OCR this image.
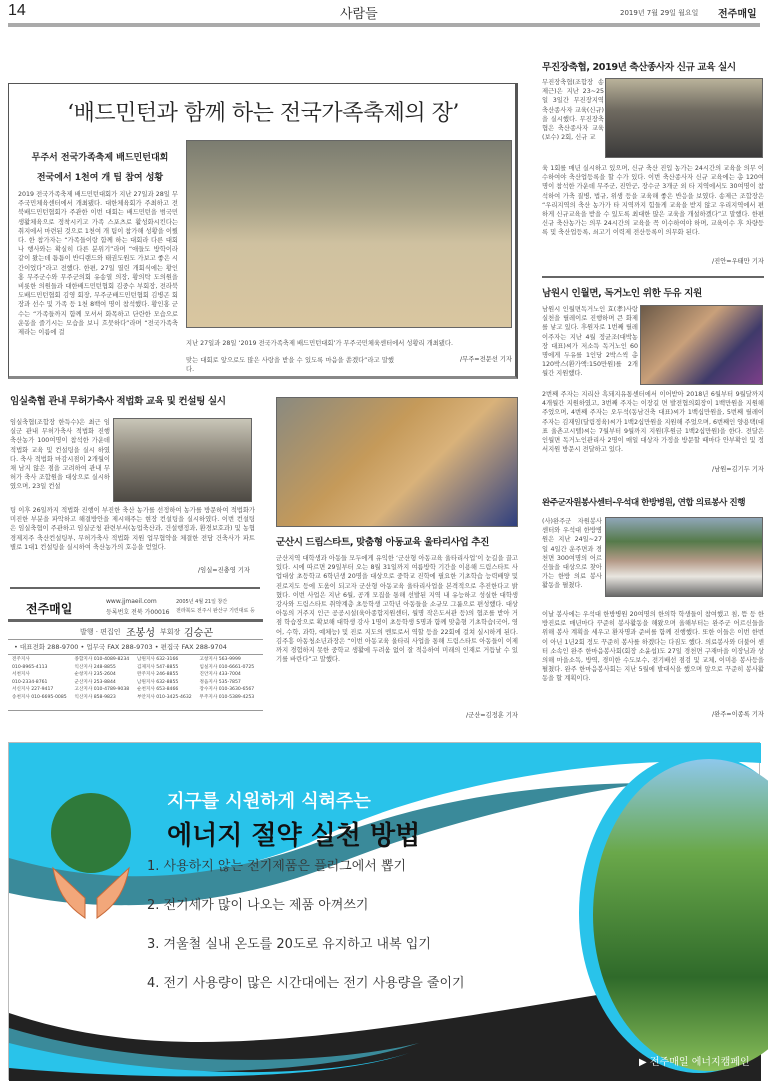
14	사람들	2019년 7월 29일 월요일 전주매일
‘배드민턴과 함께 하는 전국가족축제의 장’
무주서 전국가족축제 배드민턴대회
전국에서 1천여 개 팀 참여 성황
2019 전국가족축제 배드민턴대회가 지난 27일과 28일 무주국민체육센터에서 개최됐다. 대한체육회가 주최하고 전북배드민턴협회가 주관한 이번 대회는 배드민턴을 범국민 생활체육으로 정착시키고 가족 스포츠로 활성화시킨다는 취지에서 마련된 것으로 1천여 개 팀이 참가해 성황을 이뤘다. 한 참가자는 “가족들이랑 함께 하는 대회라 다른 대회나 행사와는 확실히 다른 분위기”라며 “애들도 방학이라 같이 왔는데 틈틈이 반디랜드와 태권도원도 가보고 좋은 시간이었다”라고 전했다. 한편, 27일 열린 개회식에는 황인홍 무주군수와 무주군의회 유송열 의장, 황의탁 도의원을 비롯한 의원들과 대한배드민턴협회 김중수 부회장, 전라북도배드민턴협회 김영 회장, 무주군배드민턴협회 김병곤 회장과 선수 및 가족 등 1천 8백여 명이 참석했다. 황인홍 군수는 “가족들까지 함께 모셔서 화목하고 단란한 모습으로 운동을 즐기시는 모습을 보니 흐뭇하다”라며 “전국가족축제라는 이름에 걸
지난 27일과 28일 ‘2019 전국가족축제 배드민턴대회’가 무주국민체육센터에서 성황리 개최됐다.
맞는 대회로 앞으로도 많은 사랑을 받을 수 있도록 마음을 쏟겠다”라고 말했다.
/무주=전문선 기자
임실축협 관내 무허가축사 적법화 교육 및 컨설팅 실시
임실축협(조합장 한득수)은 최근 임실군 관내 무허가축사 적법화 진행 축산농가 100여명이 참석한 가운데 적법화 교육 및 컨설팅을 실시 하였다. 축사 적법화 마감시점이 2개월이 채 남지 않은 점을 고려하여 관내 무허가 축사 조합원을 대상으로 실시하였으며, 23일 컨설
팅 이후 26일까지 적법화 진행이 부진한 축산 농가를 선정하여 농가를 방문하여 적법화가 미진한 부분을 파악하고 해결방안을 제시해주는 현장 컨설팅을 실시하였다. 이번 컨설팅은 임실축협이 주관하고 임실군청 관련부서(농업축산과, 건설행정과, 환경보호과) 및 농협경제지주 축산컨설팅부, 무허가축사 적법화 지원 업무협약을 체결한 전담 건축사가 파트별로 1대1 컨설팅을 실시하여 축산농가의 호응을 얻었다.
/임실=진충영 기자
전주매일
www.jjmaeil.com
등록번호 전북 가00016
2005년 4월 21일 창간
전라북도 전주시 완산구 기린대로 등
발행 · 편집인 조봉성 부회장 김승곤
• 대표전화 288-9700 • 업무국 FAX 288-9703 • 편집국 FAX 288-9704
전주지사	종합지사 010-4089-8234	남원지사 632-3166	고창지사 563-9999
010-8965-4113	익산지사 248-8855	김제지사 547-8855	임실지사 010-6661-0725
서천지사	순창지사 235-2604	완주지사 246-8855	진안지사 433-7004
010-2334-8761	군산지사 253-8844	남원지사 632-8855	정읍지사 535-7857
서신지사 227-9417	고산지사 010-4789-9038	순천지사 653-8466	장수지사 010-3630-6567
송천지사 010-6695-0085	익산지사 858-9823	부안지사 010-3425-4632	무주지사 010-5389-4253
군산시 드림스타트, 맞춤형 아동교육 울타리사업 추진
군산지역 대학생과 아동들 모두에게 유익한 ‘군산형 아동교육 울타리사업’이 눈길을 끌고 있다. 시에 따르면 29일부터 오는 8월 31일까지 여름방학 기간을 이용해 드림스타트 사업대상 초등학교 6학년생 20명을 대상으로 중학교 진학에 필요한 기초학습 능력배양 및 진로지도 등에 도움이 되고자 군산형 아동교육 울타리사업을 본격적으로 추진한다고 밝혔다. 이번 사업은 지난 6월, 공개 모집을 통해 선발된 지역 내 유능하고 성실한 대학생 강사와 드림스타트 취약계층 초등학생 고학년 아동들을 소규모 그룹으로 편성했다. 대상 아동의 거주지 인근 공공시설(육아종합지원센터, 월명 작은도서관 등)의 협조를 받아 거점 학습장으로 확보해 대학생 강사 1명이 초등학생 5명과 함께 맞춤형 기초학습(국어, 영어, 수학, 과학, 예체능) 및 진로 지도의 멘토로서 역할 등을 22회에 걸쳐 실시하게 된다. 김주흥 아동청소년과장은 “이번 아동교육 울타리 사업을 통해 드림스타트 아동들이 이제까지 경험하지 못한 중학교 생활에 두려움 없이 잘 적응하여 미래의 인재로 거듭날 수 있기를 바란다”고 말했다.
/군산=김정훈 기자
무진장축협, 2019년 축산종사자 신규 교육 실시
무진장축협(조합장 송제근)은 지난 23~25일 3일간 무진장지역 축산종사자 교육(신규)을 실시했다. 무진장축협은 축산종사자 교육(보수) 2회, 신규 교
육 1회를 매년 실시하고 있으며, 신규 축산 진입 농가는 24시간의 교육을 의무 이수하여야 축산업등록을 할 수가 있다. 이번 축산종사자 신규 교육에는 총 120여명이 참석한 가운데 무주군, 진안군, 장수군 3개군 외 타 지역에서도 30여명이 참석하여 가축 질병, 법규, 위생 등을 교육해 좋은 반응을 보였다. 송제근 조합장은 “우리지역의 축산 농가가 타 지역까지 힘들게 교육을 받지 않고 우리지역에서 편하게 신규교육을 받을 수 있도록 최대한 많은 교육을 개설하겠다”고 말했다. 한편 신규 축산농가는 의무 24시간의 교육을 꼭 이수하여야 하며, 교육이수 후 차량등록 및 축산업등록, 쇠고기 이력제 전산등록이 의무화 된다.
/진안=우태만 기자
남원시 인월면, 독거노인 위한 두유 지원
남원시 인월면독거노인 효(孝)사랑 실천을 릴레이로 진행하며 큰 화제를 낳고 있다. 후원자로 1번째 릴레이주자는 지난 4월 정균조(대박농장 대표)씨가 저소득 독거노인 60명에게 두유를 1인당 2박스씩 총 120박스(환가액:150만원)를 2개월간 지원했다.
2번째 주자는 지리산 흑돼지유통센터에서 이어받아 2018년 6월부터 9월달까지 4개월간 지원하였고, 3번째 주자는 이장길 면 발전협의회장이 1백만원을 지원해 주었으며, 4번째 주자는 오두석(동남건축 대표)씨가 1백십만원을, 5번째 릴레이 주자는 김재임(달림정육)씨가 1백2십만원을 지원해 주었으며, 6번째인 양용택(대표 울촌고시텔)씨는 7월부터 9월까지 지원(후원금 1백2십만원)을 한다. 전달은 인월면 독거노인관리사 2명이 매일 대상자 가정을 방문할 때마다 안부확인 및 정서지원 방문시 전달하고 있다.
/남원=김기두 기자
완주군자원봉사센터-우석대 한방병원, 연합 의료봉사 진행
(사)완주군 자원봉사센터와 우석대 한방병원은 지난 24일~27일 4일간 운주면과 경천면 300여명의 어르신들을 대상으로 찾아가는 한방 의료 봉사활동을 펼쳤다.
이날 봉사에는 우석대 한방병원 20여명의 한의학 학생들이 참여했고 침, 뜸 등 한방진료로 매년마다 꾸준히 봉사활동을 해왔으며 올해부터는 완주군 어르신들을 위해 봉사 계획을 세우고 환자명과 준비를 함께 진행했다. 또한 이들은 이번 한번이 아닌 1년2회 정도 꾸준히 봉사를 하겠다는 다짐도 했다. 의료봉사와 더불어 센터 소속인 완주 한마음봉사회(회장 소윤섭)도 27일 경천면 구재마을 이장님과 상의해 마을소독, 방역, 경미한 수도보수, 전기배선 점검 및 교체, 이미용 봉사등을 펼쳤다. 완주 한마음봉사회는 지난 5월에 발대식을 했으며 앞으로 꾸준히 봉사활동을 할 계획이다.
/완주=이종록 기자
지구를 시원하게 식혀주는
에너지 절약 실천 방법
1. 사용하지 않는 전기제품은 플러그에서 뽑기
2. 전기세가 많이 나오는 제품 아껴쓰기
3. 겨울철 실내 온도를 20도로 유지하고 내복 입기
4. 전기 사용량이 많은 시간대에는 전기 사용량을 줄이기
▶ 전주매일 에너지캠페인
